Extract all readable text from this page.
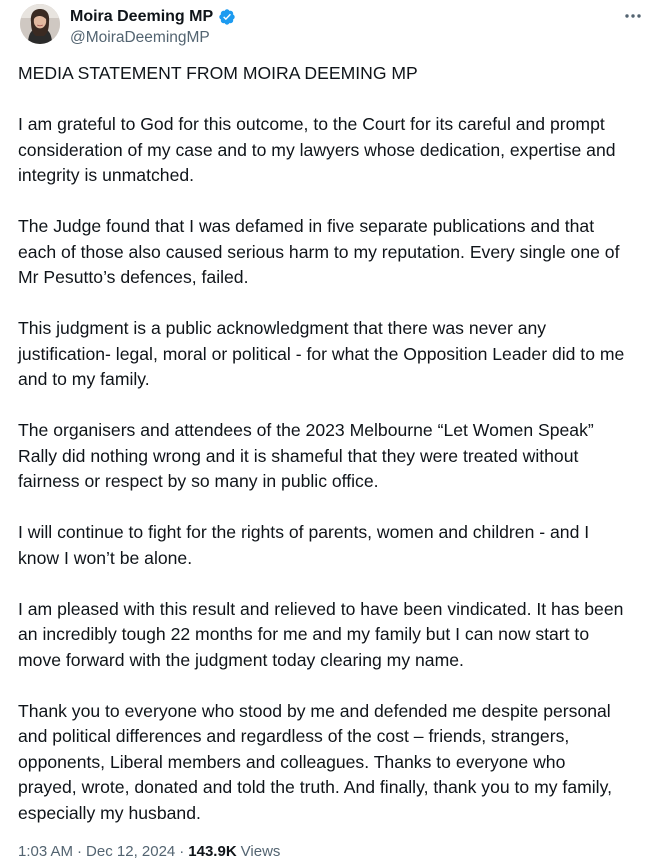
Moira Deeming MP
@MoiraDeemingMP

MEDIA STATEMENT FROM MOIRA DEEMING MP

I am grateful to God for this outcome, to the Court for its careful and prompt consideration of my case and to my lawyers whose dedication, expertise and integrity is unmatched.

The Judge found that I was defamed in five separate publications and that each of those also caused serious harm to my reputation. Every single one of Mr Pesutto’s defences, failed.

This judgment is a public acknowledgment that there was never any justification- legal, moral or political - for what the Opposition Leader did to me and to my family.

The organisers and attendees of the 2023 Melbourne “Let Women Speak” Rally did nothing wrong and it is shameful that they were treated without fairness or respect by so many in public office.

I will continue to fight for the rights of parents, women and children - and I know I won’t be alone.

I am pleased with this result and relieved to have been vindicated. It has been an incredibly tough 22 months for me and my family but I can now start to move forward with the judgment today clearing my name.

Thank you to everyone who stood by me and defended me despite personal and political differences and regardless of the cost – friends, strangers, opponents, Liberal members and colleagues. Thanks to everyone who prayed, wrote, donated and told the truth. And finally, thank you to my family, especially my husband.

1:03 AM · Dec 12, 2024 · 143.9K Views
